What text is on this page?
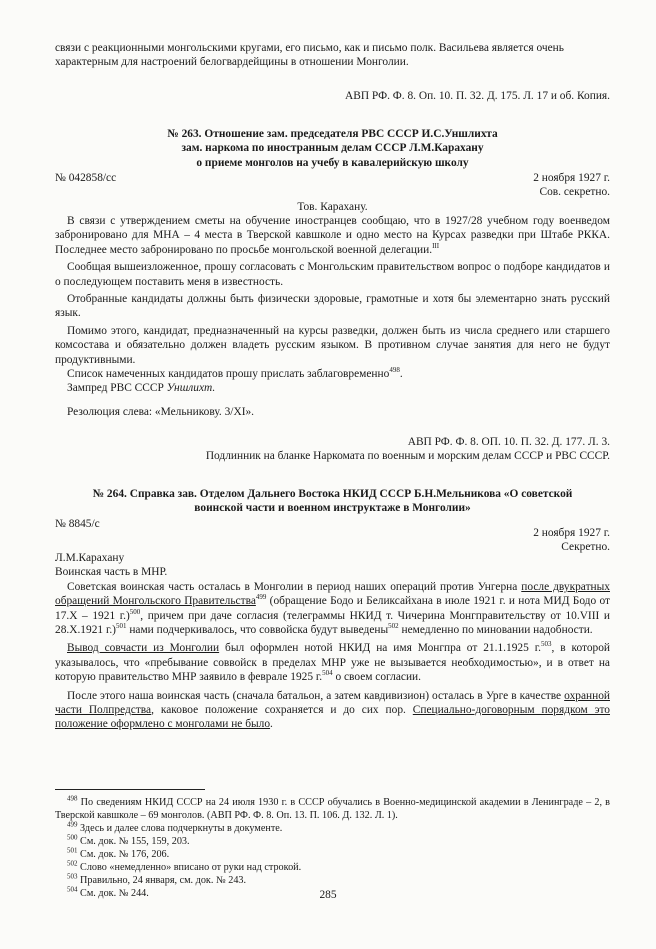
связи с реакционными монгольскими кругами, его письмо, как и письмо полк. Васильева является очень
характерным для настроений белогвардейщины в отношении Монголии.

АВП РФ. Ф. 8. Оп. 10. П. 32. Д. 175. Л. 17 и об. Копия.
№ 263. Отношение зам. председателя РВС СССР И.С.Уншлихта
зам. наркома по иностранным делам СССР Л.М.Карахану
о приеме монголов на учебу в кавалерийскую школу
№ 042858/сс	2 ноября 1927 г.
Сов. секретно.
Тов. Карахану.

В связи с утверждением сметы на обучение иностранцев сообщаю, что в 1927/28 учебном году военведом забронировано для МНА – 4 места в Тверской кавшколе и одно место на Курсах разведки при Штабе РККА. Последнее место забронировано по просьбе монгольской военной делегации.$^{III}$

Сообщая вышеизложенное, прошу согласовать с Монгольским правительством вопрос о подборе кандидатов и о последующем поставить меня в известность.

Отобранные кандидаты должны быть физически здоровые, грамотные и хотя бы элементарно знать русский язык.

Помимо этого, кандидат, предназначенный на курсы разведки, должен быть из числа среднего или старшего комсостава и обязательно должен владеть русским языком. В противном случае занятия для него не будут продуктивными.

Список намеченных кандидатов прошу прислать заблаговременно$^{498}$.

Зампред РВС СССР Уншлихт.

Резолюция слева: «Мельникову. 3/XI».
АВП РФ. Ф. 8. ОП. 10. П. 32. Д. 177. Л. 3.
Подлинник на бланке Наркомата по военным и морским делам СССР и РВС СССР.
№ 264. Справка зав. Отделом Дальнего Востока НКИД СССР Б.Н.Мельникова «О советской
воинской части и военном инструктаже в Монголии»
№ 8845/с
2 ноября 1927 г.
Секретно.

Л.М.Карахану

Воинская часть в МНР.

Советская воинская часть осталась в Монголии в период наших операций против Унгерна после двукратных обращений Монгольского Правительства$^{499}$ (обращение Бодо и Беликсайхана в июле 1921 г. и нота МИД Бодо от 17.X – 1921 г.)$^{500}$, причем при даче согласия (телеграммы НКИД т. Чичерина Монгправительству от 10.VIII и 28.X.1921 г.)$^{501}$ нами подчеркивалось, что соввойска будут выведены$^{502}$ немедленно по миновании надобности.

Вывод совчасти из Монголии был оформлен нотой НКИД на имя Монгпра от 21.1.1925 г.$^{503}$, в которой указывалось, что «пребывание соввойск в пределах МНР уже не вызывается необходимостью», и в ответ на которую правительство МНР заявило в феврале 1925 г.$^{504}$ о своем согласии.

После этого наша воинская часть (сначала батальон, а затем кавдивизион) осталась в Урге в качестве охранной части Полпредства, каковое положение сохраняется и до сих пор. Специально-договорным порядком это положение оформлено с монголами не было.

$^{498}$ По сведениям НКИД СССР на 24 июля 1930 г. в СССР обучались в Военно-медицинской академии в Ленинграде – 2, в Тверской кавшколе – 69 монголов. (АВП РФ. Ф. 8. Оп. 13. П. 106. Д. 132. Л. 1).

$^{499}$ Здесь и далее слова подчеркнуты в документе.

$^{500}$ См. док. № 155, 159, 203.

$^{501}$ См. док. № 176, 206.

$^{502}$ Слово «немедленно» вписано от руки над строкой.

$^{503}$ Правильно, 24 января, см. док. № 243.

$^{504}$ См. док. № 244.	285
